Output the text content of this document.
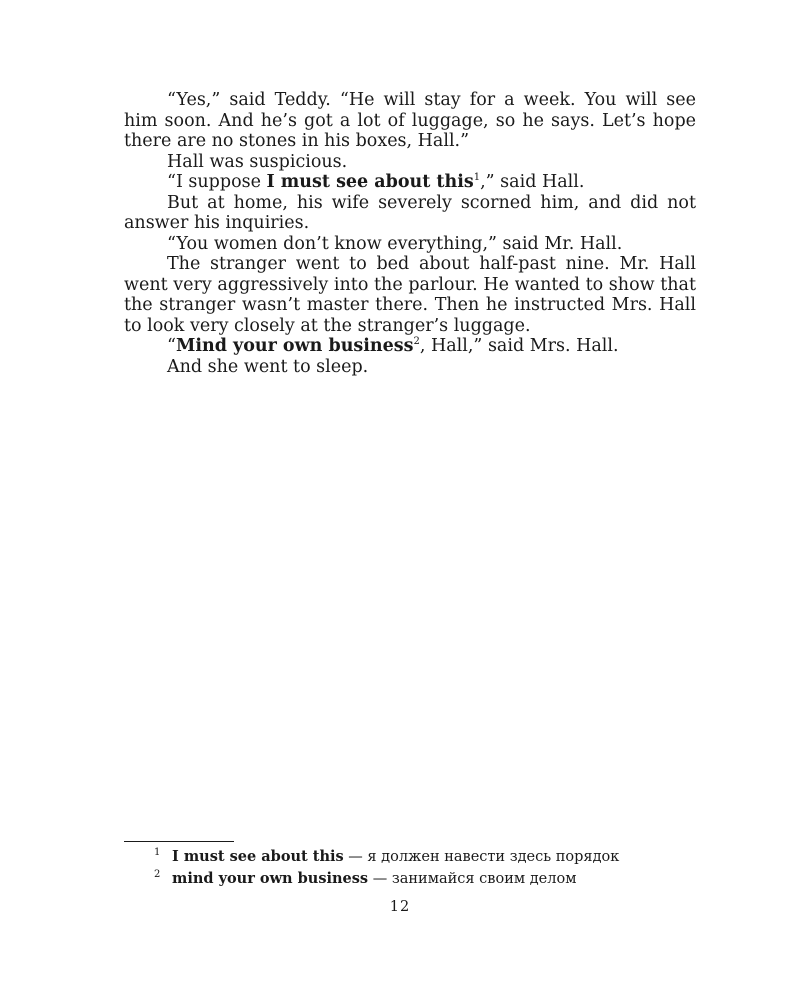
“Yes,” said Teddy. “He will stay for a week. You will see him soon. And he’s got a lot of luggage, so he says. Let’s hope there are no stones in his boxes, Hall.”

Hall was suspicious.

“I suppose I must see about this$^1$,” said Hall.

But at home, his wife severely scorned him, and did not answer his inquiries.

“You women don’t know everything,” said Mr. Hall.

The stranger went to bed about half-past nine. Mr. Hall went very aggressively into the parlour. He wanted to show that the stranger wasn’t master there. Then he instructed Mrs. Hall to look very closely at the stranger’s luggage.

“Mind your own business$^2$, Hall,” said Mrs. Hall.

And she went to sleep.

1 I must see about this — я должен навести здесь порядок

2 mind your own business — занимайся своим делом

12
